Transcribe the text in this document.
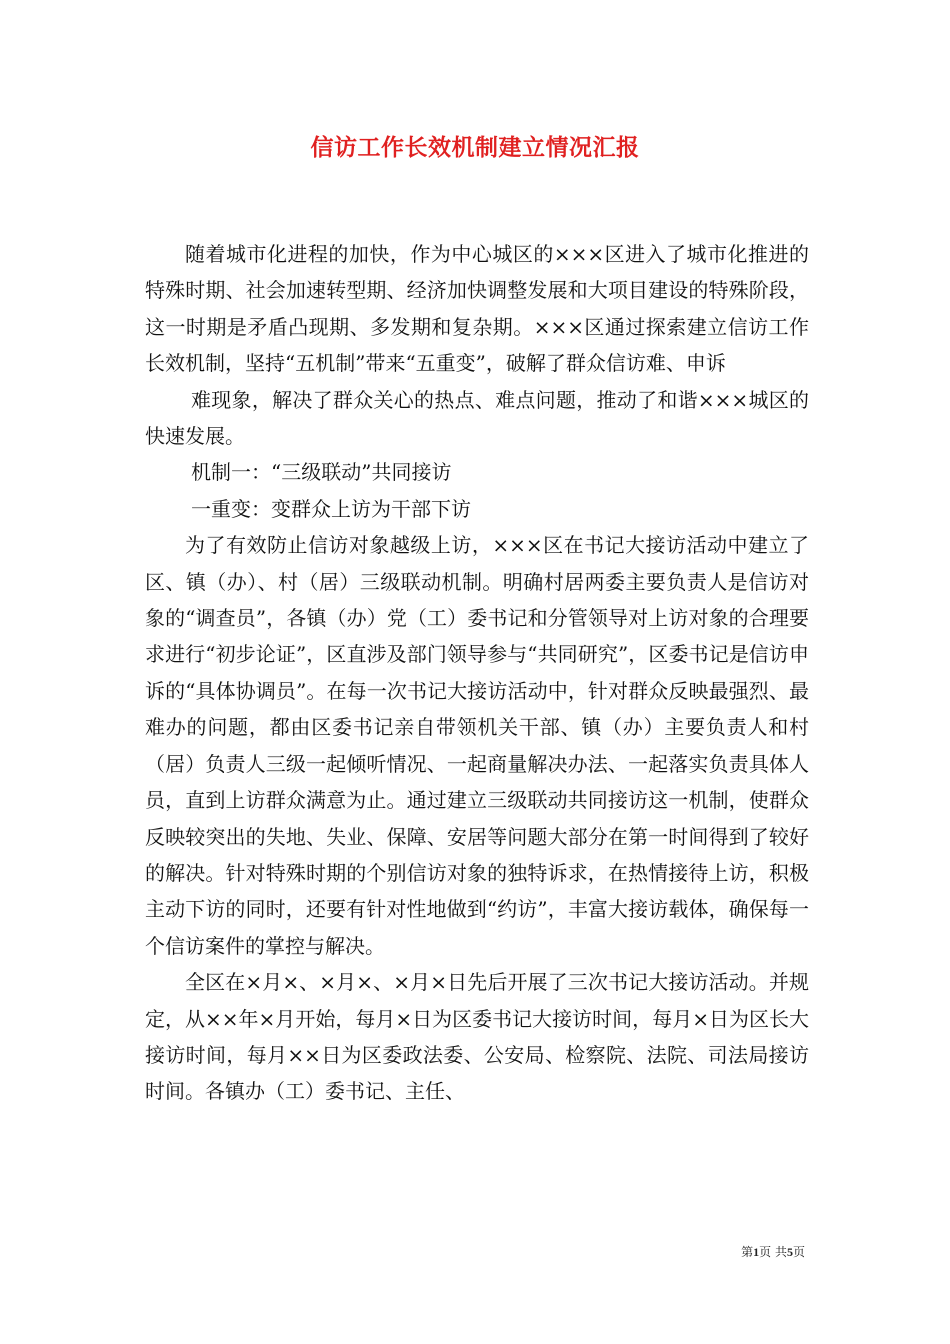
信访工作长效机制建立情况汇报

随着城市化进程的加快，作为中心城区的×××区进入了城市化推进的特殊时期、社会加速转型期、经济加快调整发展和大项目建设的特殊阶段，这一时期是矛盾凸现期、多发期和复杂期。×××区通过探索建立信访工作长效机制，坚持“五机制”带来“五重变”，破解了群众信访难、申诉

难现象，解决了群众关心的热点、难点问题，推动了和谐×××城区的快速发展。

机制一：“三级联动”共同接访

一重变：变群众上访为干部下访

为了有效防止信访对象越级上访，×××区在书记大接访活动中建立了区、镇（办）、村（居）三级联动机制。明确村居两委主要负责人是信访对象的“调查员”，各镇（办）党（工）委书记和分管领导对上访对象的合理要求进行“初步论证”，区直涉及部门领导参与“共同研究”，区委书记是信访申诉的“具体协调员”。在每一次书记大接访活动中，针对群众反映最强烈、最难办的问题，都由区委书记亲自带领机关干部、镇（办）主要负责人和村（居）负责人三级一起倾听情况、一起商量解决办法、一起落实负责具体人员，直到上访群众满意为止。通过建立三级联动共同接访这一机制，使群众反映较突出的失地、失业、保障、安居等问题大部分在第一时间得到了较好的解决。针对特殊时期的个别信访对象的独特诉求，在热情接待上访，积极主动下访的同时，还要有针对性地做到“约访”，丰富大接访载体，确保每一个信访案件的掌控与解决。

全区在×月×、×月×、×月×日先后开展了三次书记大接访活动。并规定，从××年×月开始，每月×日为区委书记大接访时间，每月×日为区长大接访时间，每月××日为区委政法委、公安局、检察院、法院、司法局接访时间。各镇办（工）委书记、主任、

第1页 共5页
